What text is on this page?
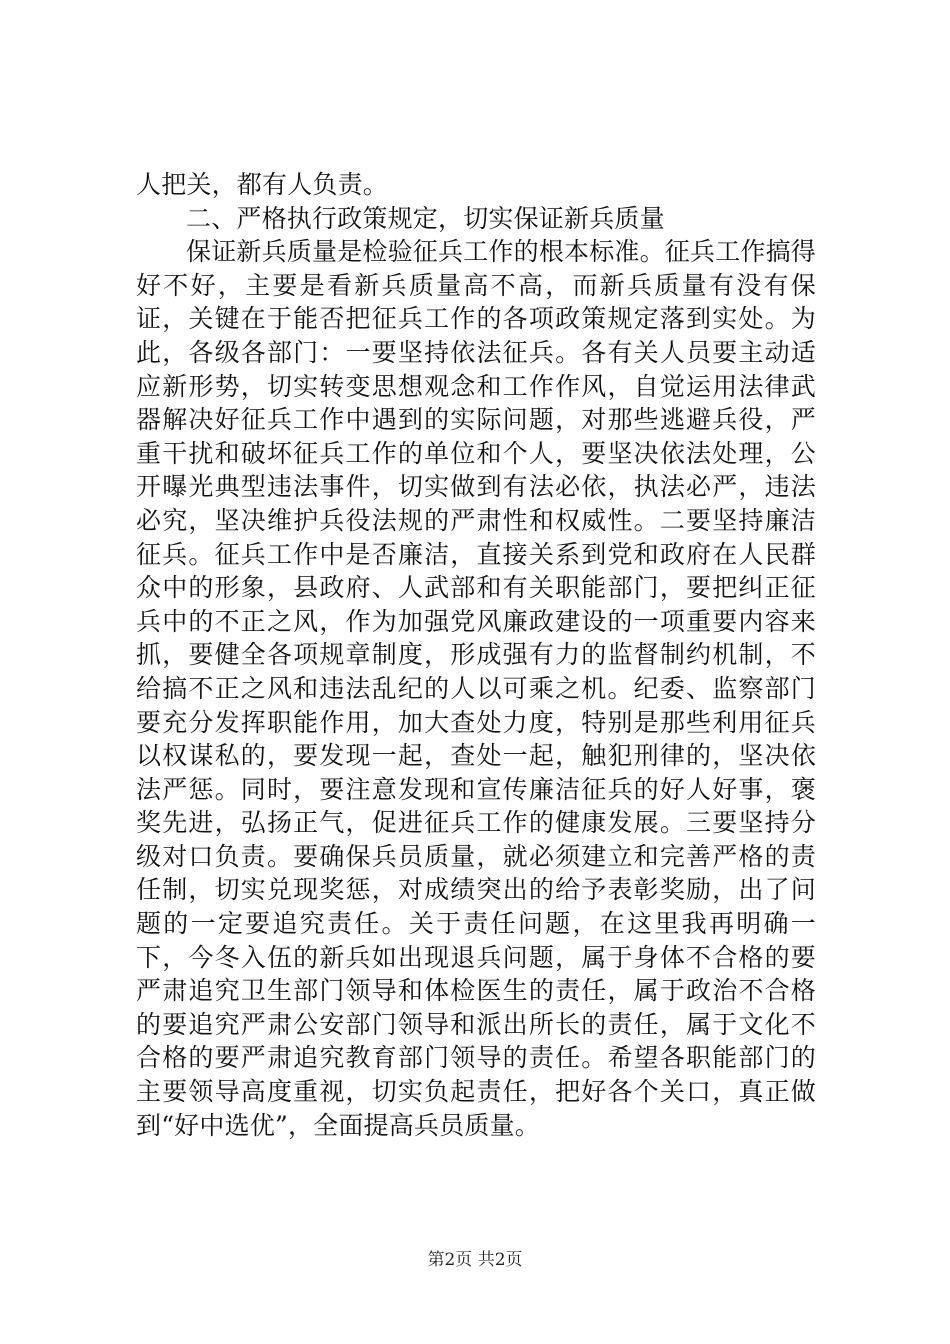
人把关，都有人负责。

二、严格执行政策规定，切实保证新兵质量

保证新兵质量是检验征兵工作的根本标准。征兵工作搞得好不好，主要是看新兵质量高不高，而新兵质量有没有保证，关键在于能否把征兵工作的各项政策规定落到实处。为此，各级各部门：一要坚持依法征兵。各有关人员要主动适应新形势，切实转变思想观念和工作作风，自觉运用法律武器解决好征兵工作中遇到的实际问题，对那些逃避兵役，严重干扰和破坏征兵工作的单位和个人，要坚决依法处理，公开曝光典型违法事件，切实做到有法必依，执法必严，违法必究，坚决维护兵役法规的严肃性和权威性。二要坚持廉洁征兵。征兵工作中是否廉洁，直接关系到党和政府在人民群众中的形象，县政府、人武部和有关职能部门，要把纠正征兵中的不正之风，作为加强党风廉政建设的一项重要内容来抓，要健全各项规章制度，形成强有力的监督制约机制，不给搞不正之风和违法乱纪的人以可乘之机。纪委、监察部门要充分发挥职能作用，加大查处力度，特别是那些利用征兵以权谋私的，要发现一起，查处一起，触犯刑律的，坚决依法严惩。同时，要注意发现和宣传廉洁征兵的好人好事，褒奖先进，弘扬正气，促进征兵工作的健康发展。三要坚持分级对口负责。要确保兵员质量，就必须建立和完善严格的责任制，切实兑现奖惩，对成绩突出的给予表彰奖励，出了问题的一定要追究责任。关于责任问题，在这里我再明确一下，今冬入伍的新兵如出现退兵问题，属于身体不合格的要严肃追究卫生部门领导和体检医生的责任，属于政治不合格的要追究严肃公安部门领导和派出所长的责任，属于文化不合格的要严肃追究教育部门领导的责任。希望各职能部门的主要领导高度重视，切实负起责任，把好各个关口，真正做到“好中选优”，全面提高兵员质量。

第2页 共2页
